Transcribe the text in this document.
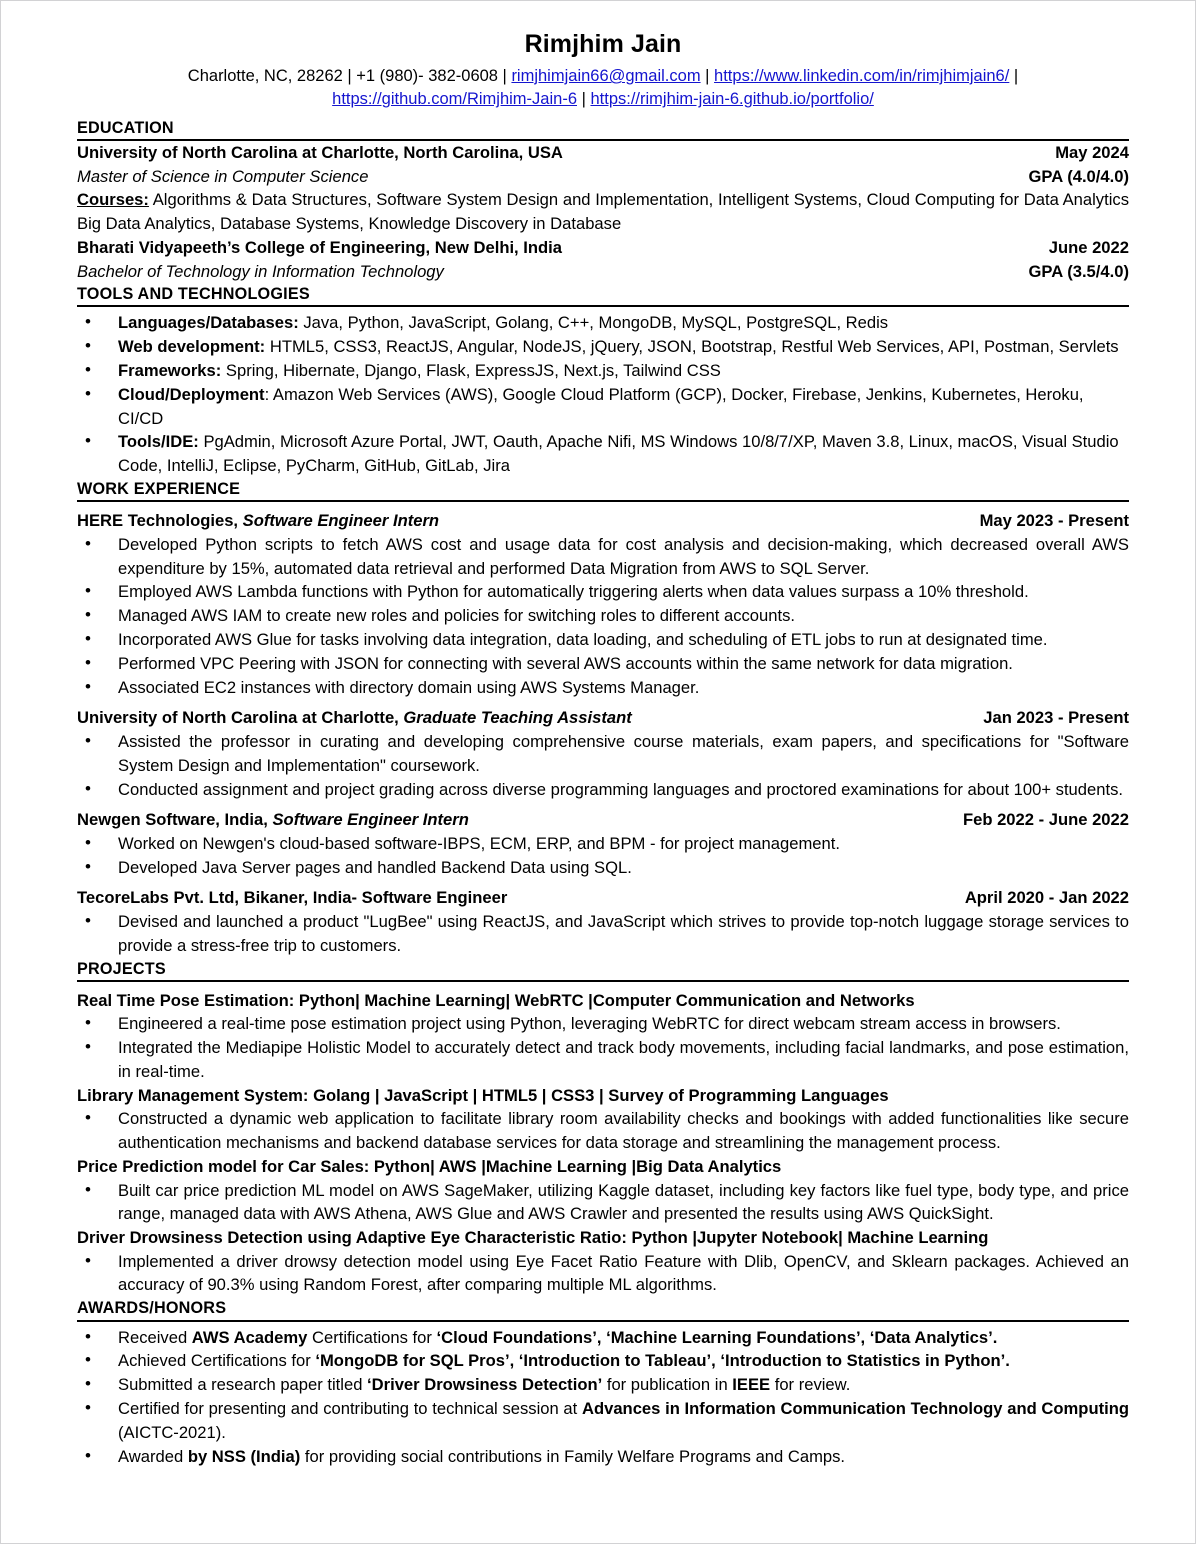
Rimjhim Jain
Charlotte, NC, 28262 | +1 (980)- 382-0608 | rimjhimjain66@gmail.com | https://www.linkedin.com/in/rimjhimjain6/ |
https://github.com/Rimjhim-Jain-6 | https://rimjhim-jain-6.github.io/portfolio/
EDUCATION
University of North Carolina at Charlotte, North Carolina, USA	May 2024
Master of Science in Computer Science	GPA (4.0/4.0)

Courses: Algorithms & Data Structures, Software System Design and Implementation, Intelligent Systems, Cloud Computing for Data Analytics Big Data Analytics, Database Systems, Knowledge Discovery in Database

Bharati Vidyapeeth’s College of Engineering, New Delhi, India	June 2022
Bachelor of Technology in Information Technology	GPA (3.5/4.0)
TOOLS AND TECHNOLOGIES
• Languages/Databases: Java, Python, JavaScript, Golang, C++, MongoDB, MySQL, PostgreSQL, Redis
• Web development: HTML5, CSS3, ReactJS, Angular, NodeJS, jQuery, JSON, Bootstrap, Restful Web Services, API, Postman, Servlets
• Frameworks: Spring, Hibernate, Django, Flask, ExpressJS, Next.js, Tailwind CSS
• Cloud/Deployment: Amazon Web Services (AWS), Google Cloud Platform (GCP), Docker, Firebase, Jenkins, Kubernetes, Heroku, CI/CD
• Tools/IDE: PgAdmin, Microsoft Azure Portal, JWT, Oauth, Apache Nifi, MS Windows 10/8/7/XP, Maven 3.8, Linux, macOS, Visual Studio Code, IntelliJ, Eclipse, PyCharm, GitHub, GitLab, Jira
WORK EXPERIENCE
HERE Technologies, Software Engineer Intern	May 2023 - Present
• Developed Python scripts to fetch AWS cost and usage data for cost analysis and decision-making, which decreased overall AWS expenditure by 15%, automated data retrieval and performed Data Migration from AWS to SQL Server.
• Employed AWS Lambda functions with Python for automatically triggering alerts when data values surpass a 10% threshold.
• Managed AWS IAM to create new roles and policies for switching roles to different accounts.
• Incorporated AWS Glue for tasks involving data integration, data loading, and scheduling of ETL jobs to run at designated time.
• Performed VPC Peering with JSON for connecting with several AWS accounts within the same network for data migration.
• Associated EC2 instances with directory domain using AWS Systems Manager.
University of North Carolina at Charlotte, Graduate Teaching Assistant	Jan 2023 - Present
• Assisted the professor in curating and developing comprehensive course materials, exam papers, and specifications for "Software System Design and Implementation" coursework.
• Conducted assignment and project grading across diverse programming languages and proctored examinations for about 100+ students.
Newgen Software, India, Software Engineer Intern	Feb 2022 - June 2022
• Worked on Newgen's cloud-based software-IBPS, ECM, ERP, and BPM - for project management.
• Developed Java Server pages and handled Backend Data using SQL.
TecoreLabs Pvt. Ltd, Bikaner, India- Software Engineer	April 2020 - Jan 2022
• Devised and launched a product "LugBee" using ReactJS, and JavaScript which strives to provide top-notch luggage storage services to provide a stress-free trip to customers.
PROJECTS

Real Time Pose Estimation: Python| Machine Learning| WebRTC |Computer Communication and Networks

• Engineered a real-time pose estimation project using Python, leveraging WebRTC for direct webcam stream access in browsers.
• Integrated the Mediapipe Holistic Model to accurately detect and track body movements, including facial landmarks, and pose estimation, in real-time.

Library Management System: Golang | JavaScript | HTML5 | CSS3 | Survey of Programming Languages

• Constructed a dynamic web application to facilitate library room availability checks and bookings with added functionalities like secure authentication mechanisms and backend database services for data storage and streamlining the management process.

Price Prediction model for Car Sales: Python| AWS |Machine Learning |Big Data Analytics

• Built car price prediction ML model on AWS SageMaker, utilizing Kaggle dataset, including key factors like fuel type, body type, and price range, managed data with AWS Athena, AWS Glue and AWS Crawler and presented the results using AWS QuickSight.

Driver Drowsiness Detection using Adaptive Eye Characteristic Ratio: Python |Jupyter Notebook| Machine Learning

• Implemented a driver drowsy detection model using Eye Facet Ratio Feature with Dlib, OpenCV, and Sklearn packages. Achieved an accuracy of 90.3% using Random Forest, after comparing multiple ML algorithms.
AWARDS/HONORS
• Received AWS Academy Certifications for ‘Cloud Foundations’, ‘Machine Learning Foundations’, ‘Data Analytics’.
• Achieved Certifications for ‘MongoDB for SQL Pros’, ‘Introduction to Tableau’, ‘Introduction to Statistics in Python’.
• Submitted a research paper titled ‘Driver Drowsiness Detection’ for publication in IEEE for review.
• Certified for presenting and contributing to technical session at Advances in Information Communication Technology and Computing (AICTC-2021).
• Awarded by NSS (India) for providing social contributions in Family Welfare Programs and Camps.
